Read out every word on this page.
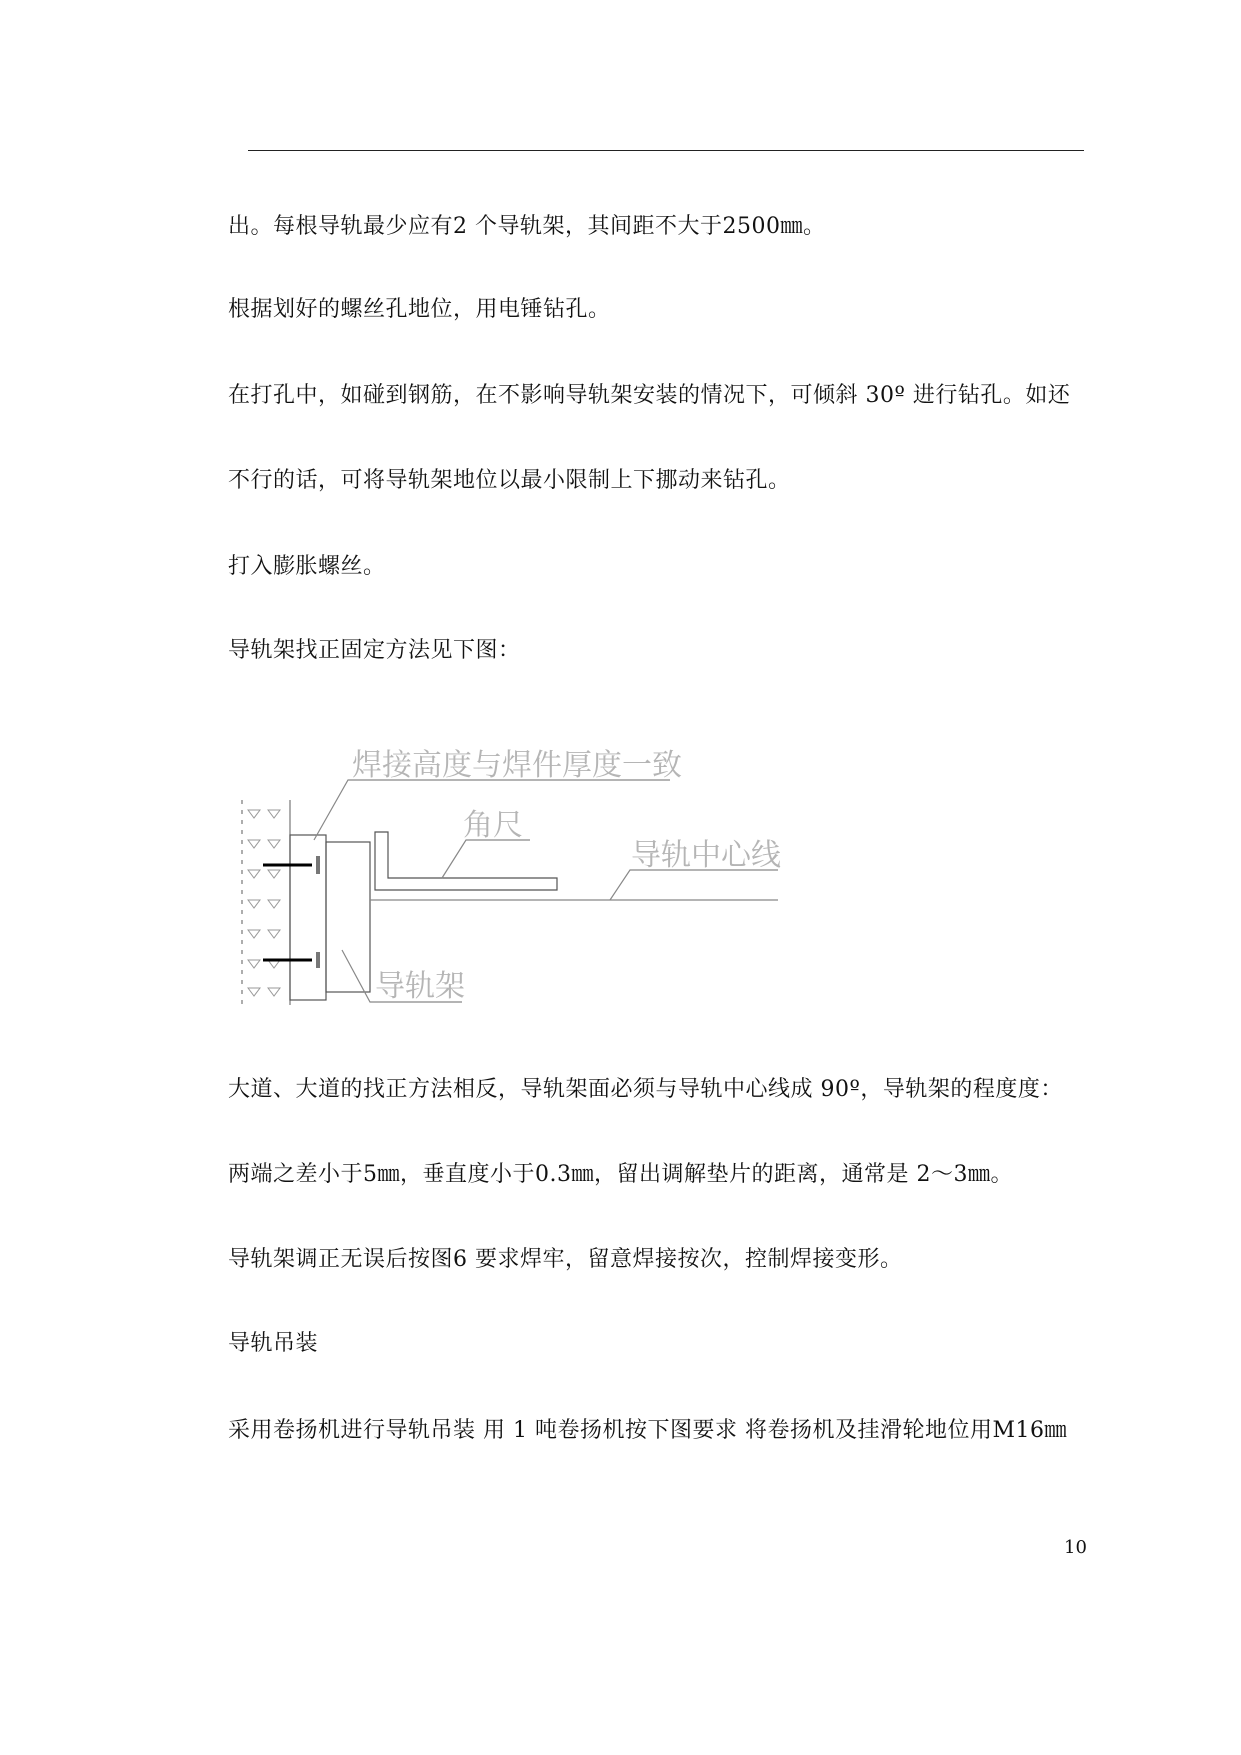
出。每根导轨最少应有2 个导轨架，其间距不大于2500㎜。
根据划好的螺丝孔地位，用电锤钻孔。
在打孔中，如碰到钢筋，在不影响导轨架安装的情况下，可倾斜 30º 进行钻孔。如还
不行的话，可将导轨架地位以最小限制上下挪动来钻孔。
打入膨胀螺丝。
导轨架找正固定方法见下图：
焊接高度与焊件厚度一致
角尺
导轨中心线
导轨架
大道、大道的找正方法相反，导轨架面必须与导轨中心线成 90º，导轨架的程度度：
两端之差小于5㎜，垂直度小于0.3㎜，留出调解垫片的距离，通常是 2～3㎜。
导轨架调正无误后按图6 要求焊牢，留意焊接按次，控制焊接变形。
导轨吊装
采用卷扬机进行导轨吊装 用 1 吨卷扬机按下图要求 将卷扬机及挂滑轮地位用M16㎜
10
